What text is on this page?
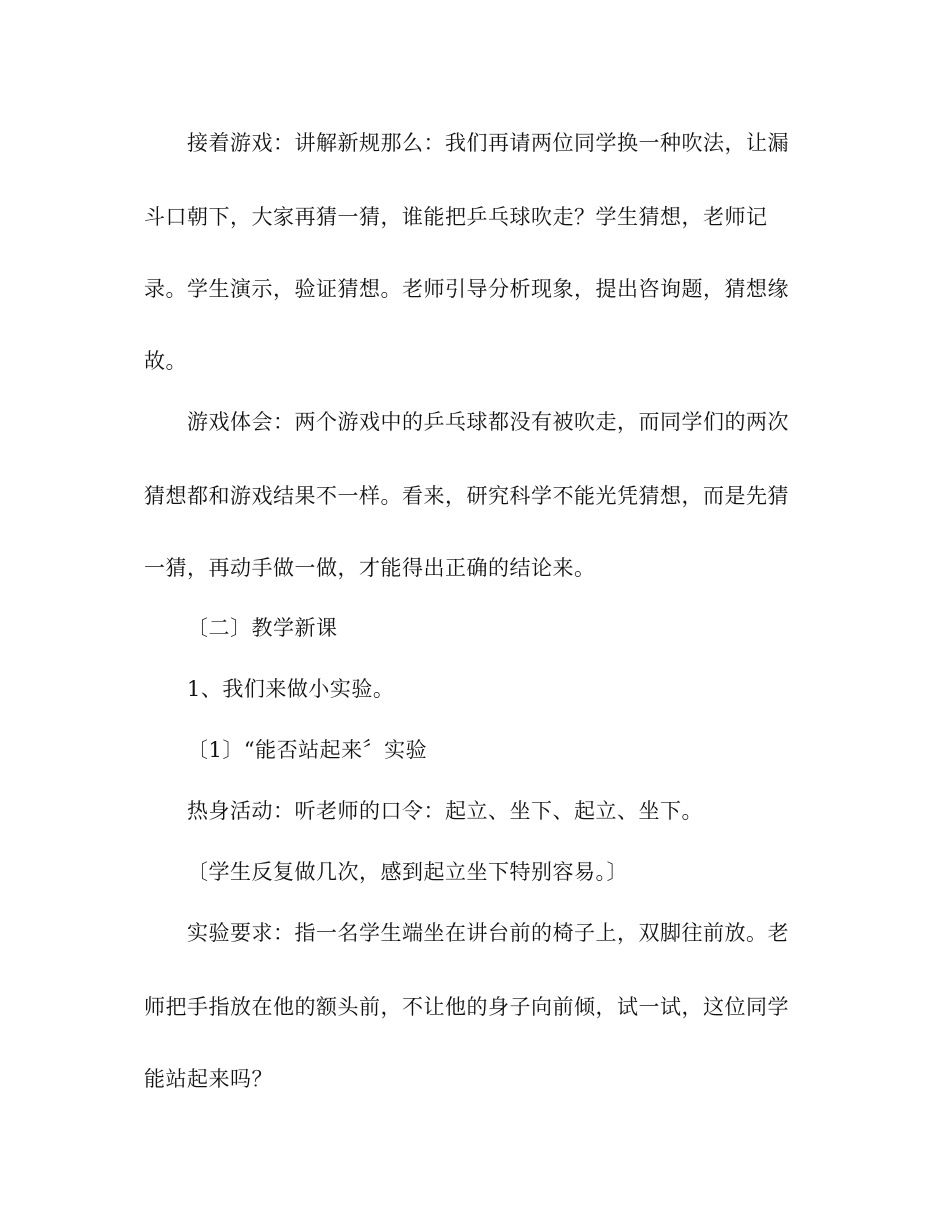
接着游戏：讲解新规那么：我们再请两位同学换一种吹法，让漏
斗口朝下，大家再猜一猜，谁能把乒乓球吹走？学生猜想，老师记
录。学生演示，验证猜想。老师引导分析现象，提出咨询题，猜想缘
故。
游戏体会：两个游戏中的乒乓球都没有被吹走，而同学们的两次
猜想都和游戏结果不一样。看来，研究科学不能光凭猜想，而是先猜
一猜，再动手做一做，才能得出正确的结论来。
〔二〕教学新课
1、我们来做小实验。
〔1〕“能否站起来〞实验
热身活动：听老师的口令：起立、坐下、起立、坐下。
〔学生反复做几次，感到起立坐下特别容易。〕
实验要求：指一名学生端坐在讲台前的椅子上，双脚往前放。老
师把手指放在他的额头前，不让他的身子向前倾，试一试，这位同学
能站起来吗？
